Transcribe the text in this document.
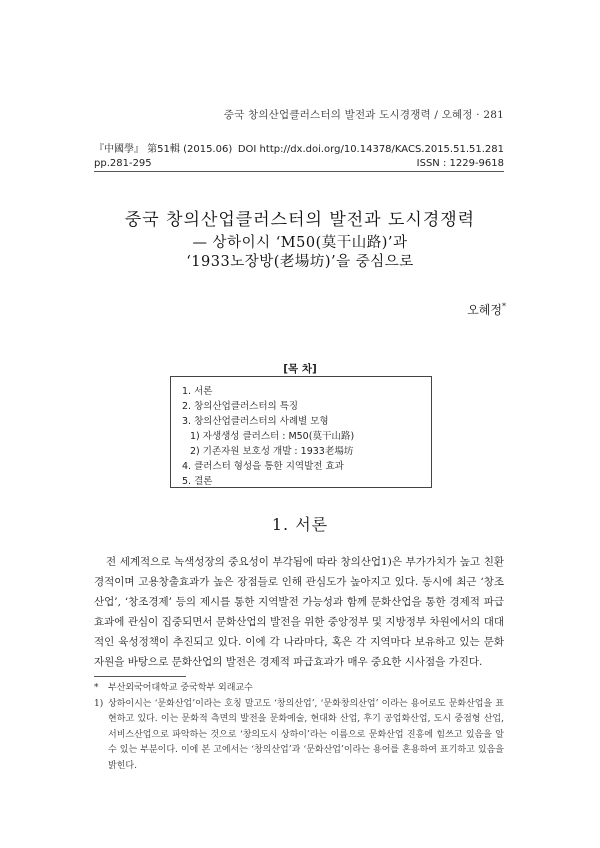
중국 창의산업클러스터의 발전과 도시경쟁력 / 오혜정 · 281
『中國學』 第51輯 (2015.06) DOI http://dx.doi.org/10.14378/KACS.2015.51.51.281
pp.281-295	ISSN : 1229-9618
중국 창의산업클러스터의 발전과 도시경쟁력
— 상하이시 ‘M50(莫干山路)’과
‘1933노장방(老場坊)’을 중심으로
오혜정*
[목 차]
1. 서론
2. 창의산업클러스터의 특징
3. 창의산업클러스터의 사례별 모형
1) 자생생성 클러스터 : M50(莫干山路)
2) 기존자원 보호성 개발 : 1933老場坊
4. 클러스터 형성을 통한 지역발전 효과
5. 결론
1. 서론

전 세계적으로 녹색성장의 중요성이 부각됨에 따라 창의산업1)은 부가가치가 높고 친환경적이며 고용창출효과가 높은 장점들로 인해 관심도가 높아지고 있다. 동시에 최근 ‘창조산업’, ‘창조경제’ 등의 제시를 통한 지역발전 가능성과 함께 문화산업을 통한 경제적 파급효과에 관심이 집중되면서 문화산업의 발전을 위한 중앙정부 및 지방정부 차원에서의 대대적인 육성정책이 추진되고 있다. 이에 각 나라마다, 혹은 각 지역마다 보유하고 있는 문화자원을 바탕으로 문화산업의 발전은 경제적 파급효과가 매우 중요한 시사점을 가진다.

*	부산외국어대학교 중국학부 외래교수
1) 상하이시는 ‘문화산업’이라는 호칭 말고도 ‘창의산업’, ‘문화창의산업’ 이라는 용어로도 문화산업을 표현하고 있다. 이는 문화적 측면의 발전을 문화예술, 현대화 산업, 후기 공업화산업, 도시 중점형 산업, 서비스산업으로 파악하는 것으로 ‘창의도시 상하이’라는 이름으로 문화산업 진흥에 힘쓰고 있음을 알 수 있는 부분이다. 이에 본 고에서는 ‘창의산업’과 ‘문화산업’이라는 용어를 혼용하여 표기하고 있음을 밝힌다.
